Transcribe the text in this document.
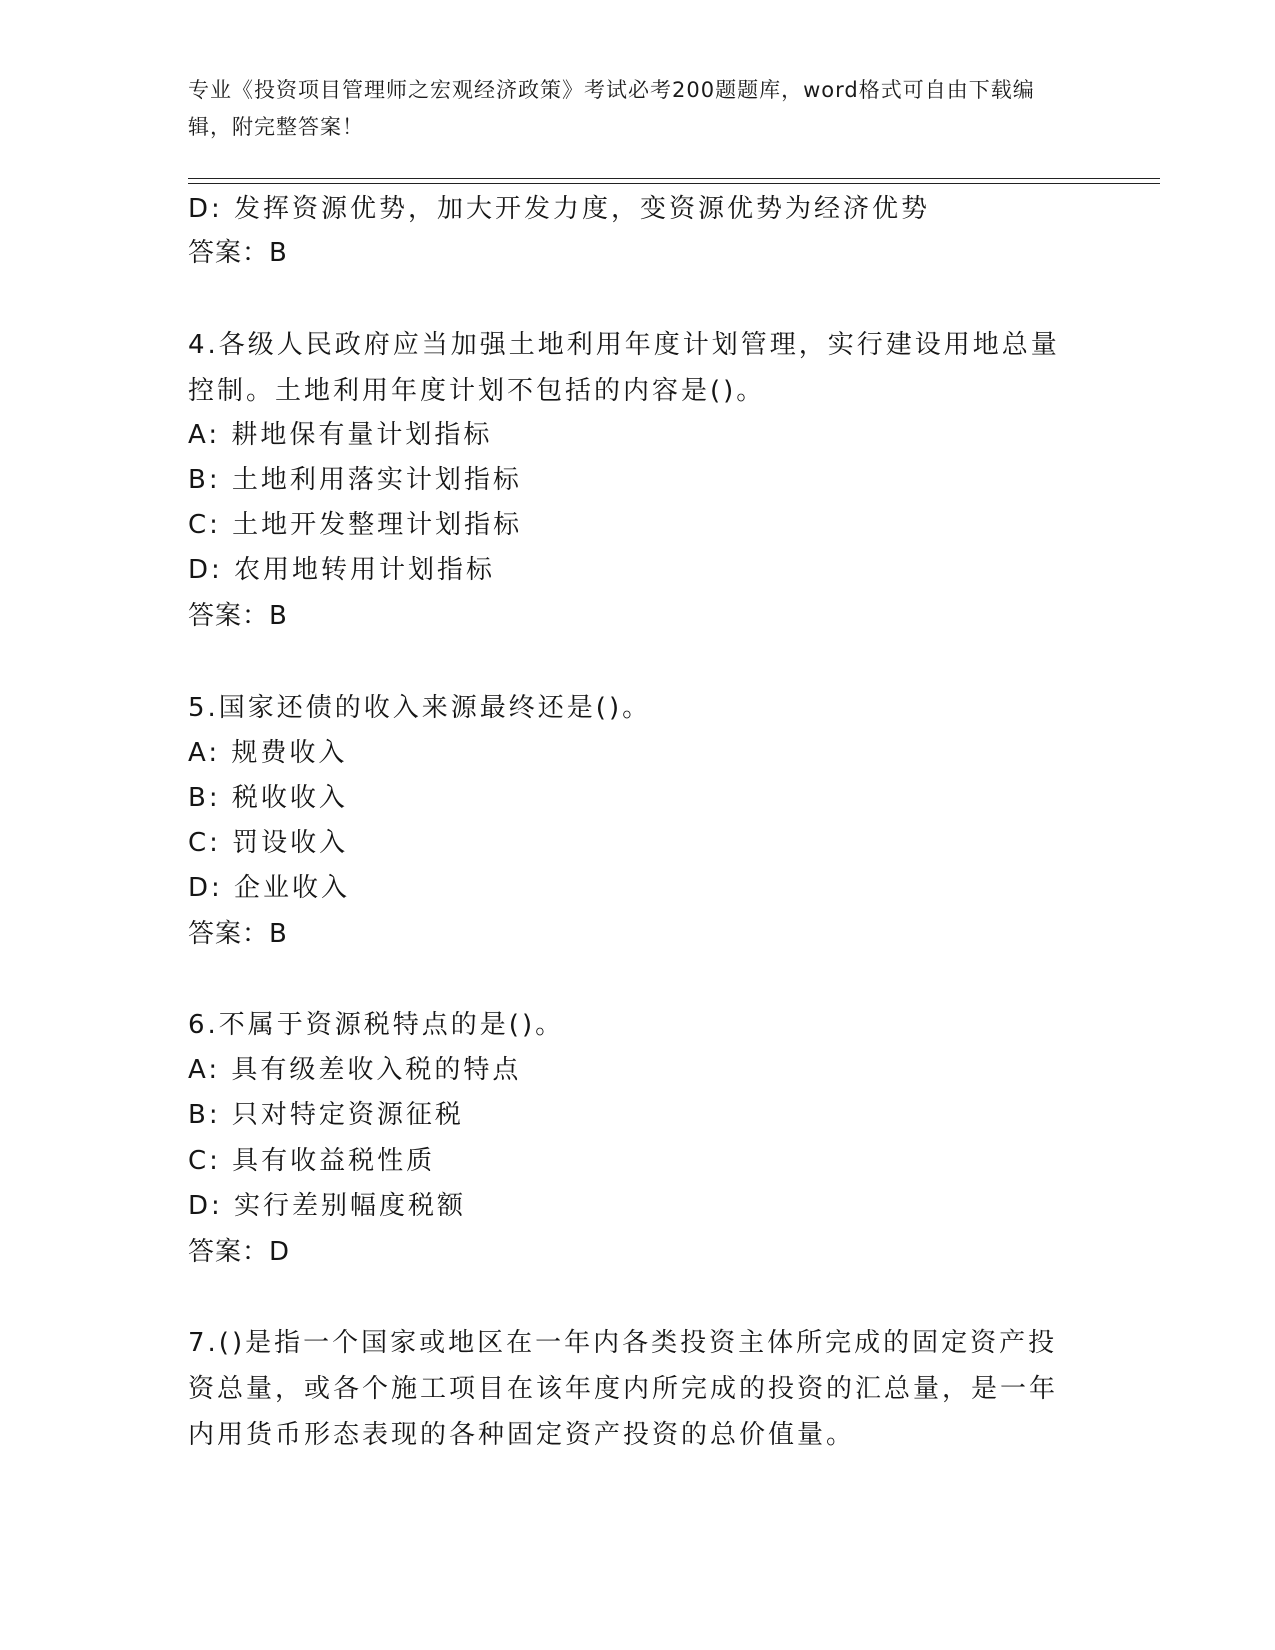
专业《投资项目管理师之宏观经济政策》考试必考200题题库，word格式可自由下载编辑，附完整答案！
D: 发挥资源优势，加大开发力度，变资源优势为经济优势
答案：B
4.各级人民政府应当加强土地利用年度计划管理，实行建设用地总量控制。土地利用年度计划不包括的内容是()。
A: 耕地保有量计划指标
B: 土地利用落实计划指标
C: 土地开发整理计划指标
D: 农用地转用计划指标
答案：B
5.国家还债的收入来源最终还是()。
A: 规费收入
B: 税收收入
C: 罚设收入
D: 企业收入
答案：B
6.不属于资源税特点的是()。
A: 具有级差收入税的特点
B: 只对特定资源征税
C: 具有收益税性质
D: 实行差别幅度税额
答案：D
7.()是指一个国家或地区在一年内各类投资主体所完成的固定资产投资总量，或各个施工项目在该年度内所完成的投资的汇总量，是一年内用货币形态表现的各种固定资产投资的总价值量。
